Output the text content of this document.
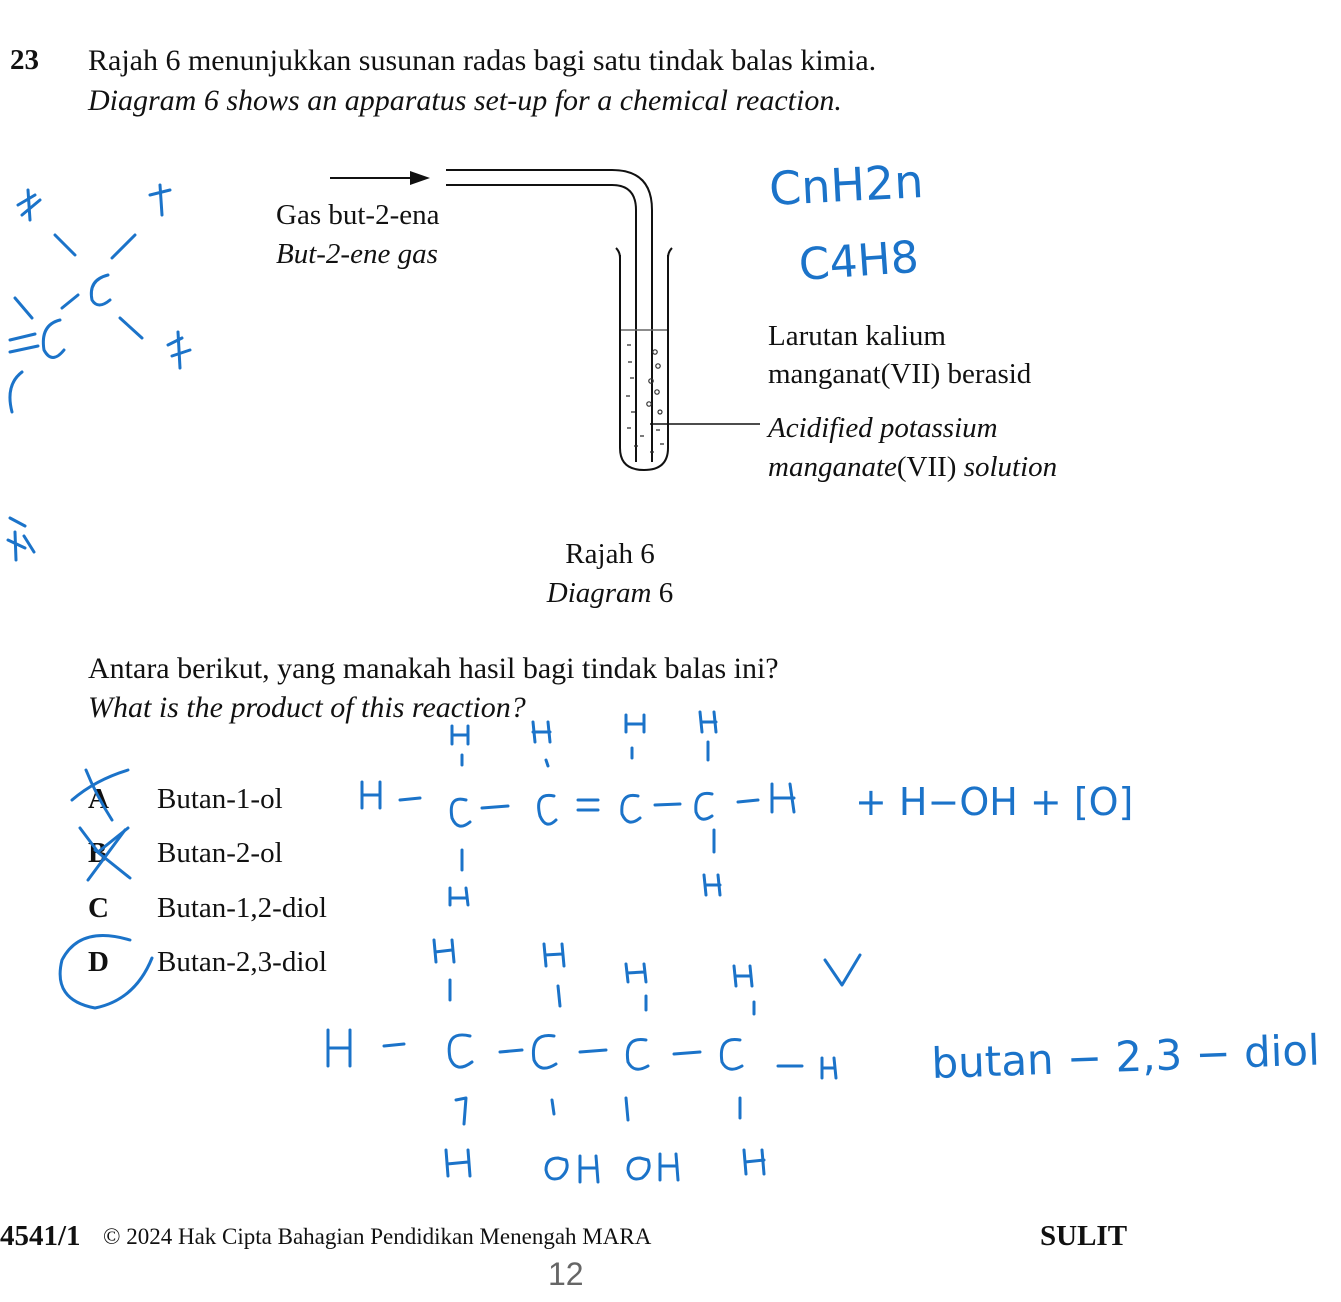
23 Rajah 6 menunjukkan susunan radas bagi satu tindak balas kimia.
Diagram 6 shows an apparatus set-up for a chemical reaction.
Gas but-2-ena
But-2-ene gas
Larutan kalium
manganat(VII) berasid
Acidified potassium
manganate(VII) solution
Rajah 6
Diagram 6
Antara berikut, yang manakah hasil bagi tindak balas ini?
What is the product of this reaction?
A Butan-1-ol
B Butan-2-ol
C Butan-1,2-diol
D Butan-2,3-diol
CnH2n
C4H8
+ H−OH + [O]
butan − 2,3 − diol
4541/1 © 2024 Hak Cipta Bahagian Pendidikan Menengah MARA	SULIT
12
